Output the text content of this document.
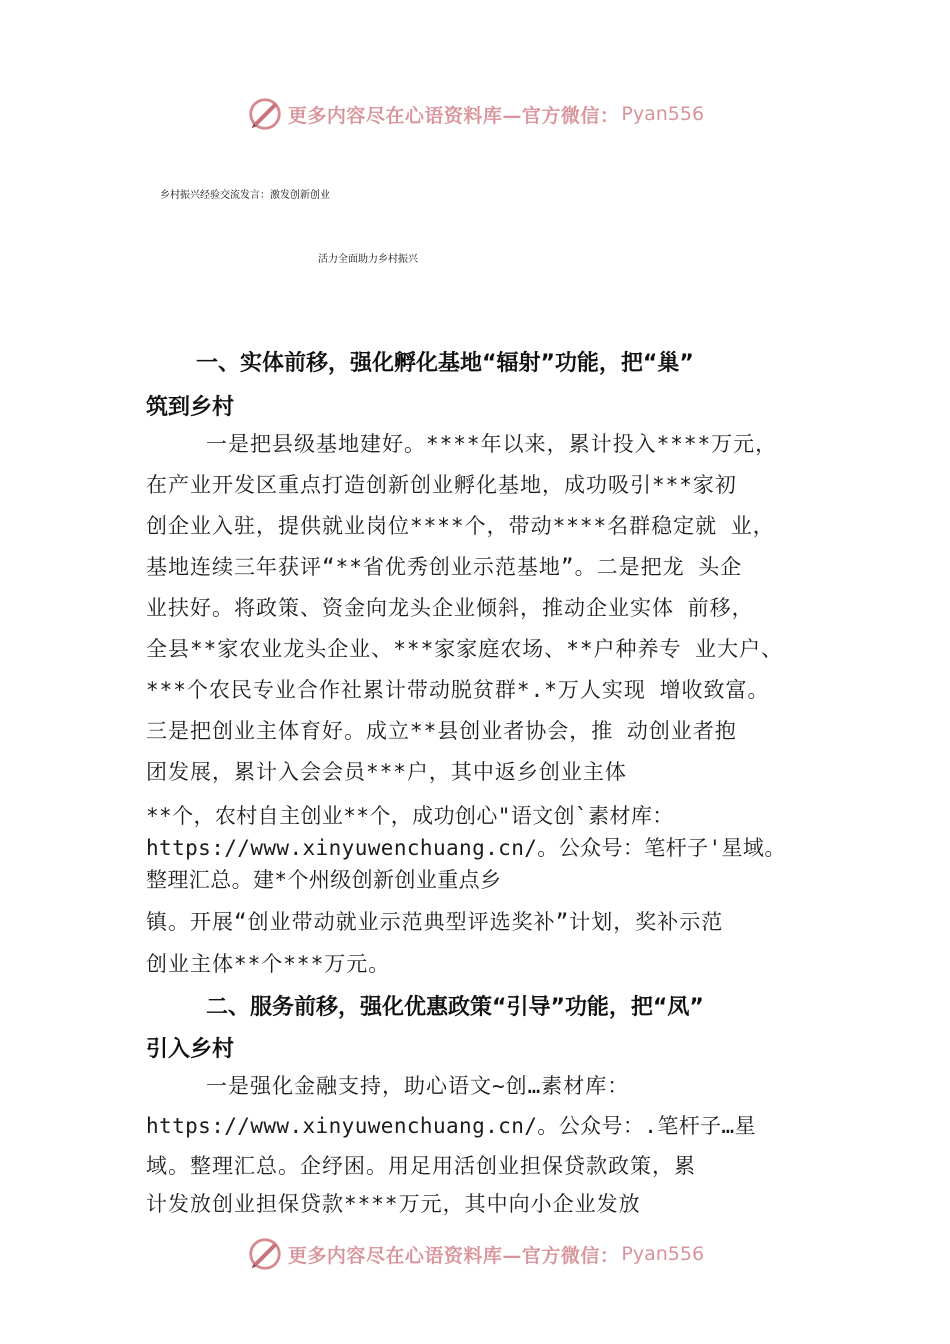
更多内容尽在心语资料库—官方微信： Pyan556
乡村振兴经验交流发言：激发创新创业
活力全面助力乡村振兴
一、实体前移，强化孵化基地“辐射”功能，把“巢”
筑到乡村
一是把县级基地建好。****年以来，累计投入****万元，
在产业开发区重点打造创新创业孵化基地，成功吸引***家初
创企业入驻，提供就业岗位****个，带动****名群稳定就 业，
基地连续三年获评“**省优秀创业示范基地”。二是把龙 头企
业扶好。将政策、资金向龙头企业倾斜，推动企业实体 前移，
全县**家农业龙头企业、***家家庭农场、**户种养专 业大户、
***个农民专业合作社累计带动脱贫群*.*万人实现 增收致富。
三是把创业主体育好。成立**县创业者协会，推 动创业者抱
团发展，累计入会会员***户，其中返乡创业主体
**个，农村自主创业**个，成功创心"语文创`素材库：
https://www.xinyuwenchuang.cn/。公众号：笔杆子'星域。
整理汇总。建*个州级创新创业重点乡
镇。开展“创业带动就业示范典型评选奖补”计划，奖补示范
创业主体**个***万元。
二、服务前移，强化优惠政策“引导”功能，把“凤”
引入乡村
一是强化金融支持，助心语文~创…素材库：
https://www.xinyuwenchuang.cn/。公众号：.笔杆子…星
域。整理汇总。企纾困。用足用活创业担保贷款政策，累
计发放创业担保贷款****万元，其中向小企业发放
更多内容尽在心语资料库—官方微信： Pyan556
